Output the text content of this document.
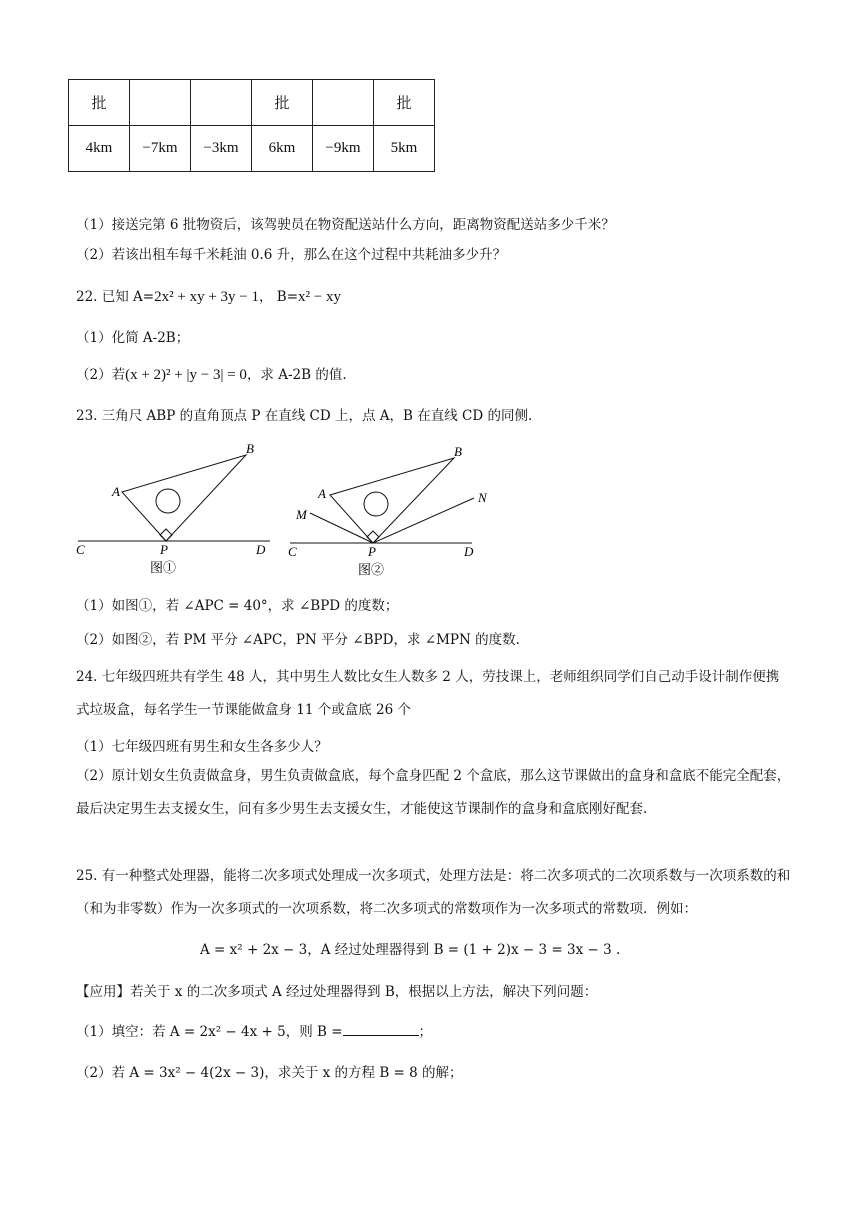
批			批		批
4km	−7km	−3km	6km	−9km	5km
（1）接送完第 6 批物资后，该驾驶员在物资配送站什么方向，距离物资配送站多少千米？
（2）若该出租车每千米耗油 0.6 升，那么在这个过程中共耗油多少升？
22. 已知 A=2x² + xy + 3y − 1， B=x² − xy
（1）化简 A-2B；
（2）若(x + 2)² + |y − 3| = 0，求 A-2B 的值.
23. 三角尺 ABP 的直角顶点 P 在直线 CD 上，点 A，B 在直线 CD 的同侧.
A
B
C	P	D
图①
A
B
M
N
C	P	D
图②
（1）如图①，若 ∠APC = 40°，求 ∠BPD 的度数；
（2）如图②，若 PM 平分 ∠APC，PN 平分 ∠BPD，求 ∠MPN 的度数.
24. 七年级四班共有学生 48 人，其中男生人数比女生人数多 2 人，劳技课上，老师组织同学们自己动手设计制作便携式垃圾盒，每名学生一节课能做盒身 11 个或盒底 26 个
（1）七年级四班有男生和女生各多少人？
（2）原计划女生负责做盒身，男生负责做盒底，每个盒身匹配 2 个盒底，那么这节课做出的盒身和盒底不能完全配套，最后决定男生去支援女生，问有多少男生去支援女生，才能使这节课制作的盒身和盒底刚好配套.
25. 有一种整式处理器，能将二次多项式处理成一次多项式，处理方法是：将二次多项式的二次项系数与一次项系数的和（和为非零数）作为一次多项式的一次项系数，将二次多项式的常数项作为一次多项式的常数项．例如：
A = x² + 2x − 3，A 经过处理器得到 B = (1 + 2)x − 3 = 3x − 3 .
【应用】若关于 x 的二次多项式 A 经过处理器得到 B，根据以上方法，解决下列问题：
（1）填空：若 A = 2x² − 4x + 5，则 B =	；
（2）若 A = 3x² − 4(2x − 3)，求关于 x 的方程 B = 8 的解；
